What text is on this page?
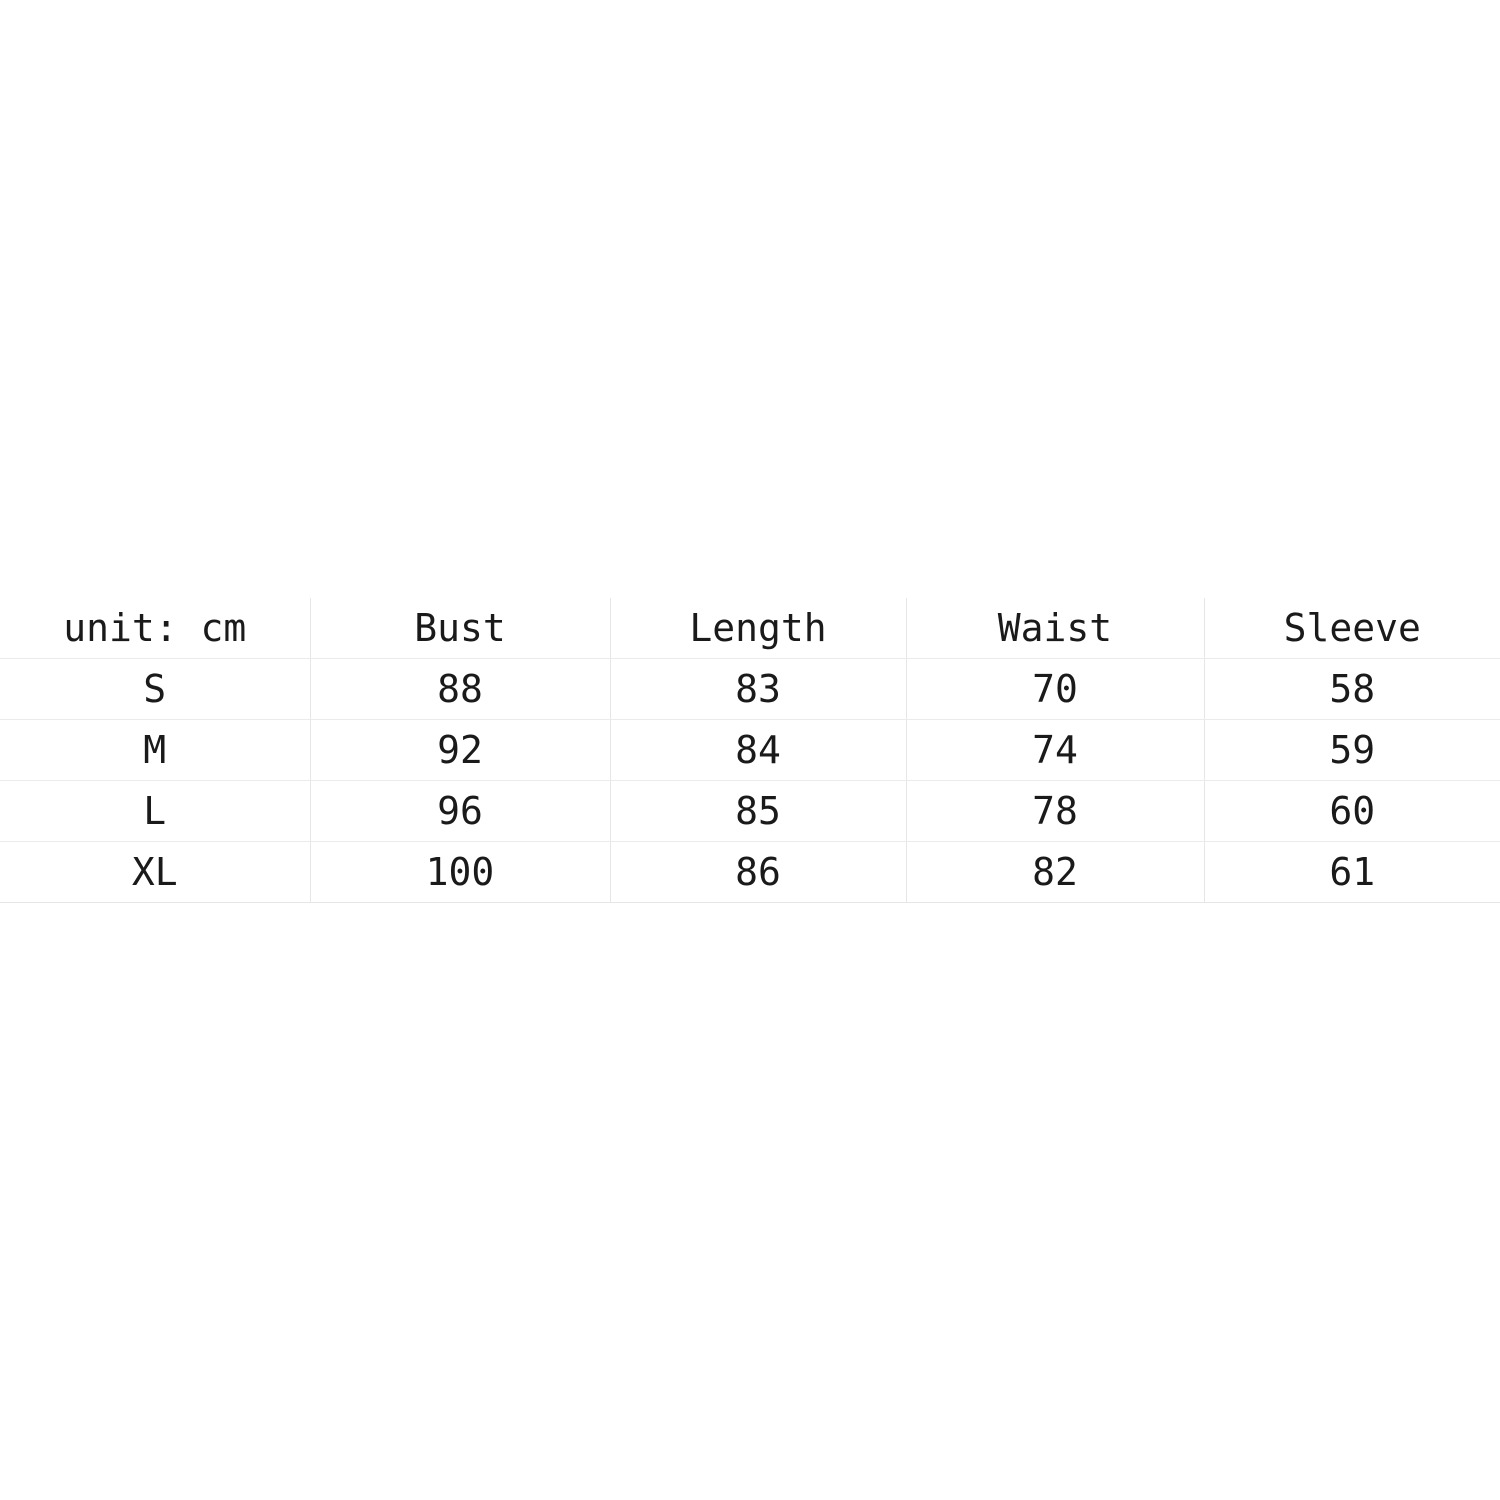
unit: cm	Bust	Length	Waist	Sleeve
S	88	83	70	58
M	92	84	74	59
L	96	85	78	60
XL	100	86	82	61
